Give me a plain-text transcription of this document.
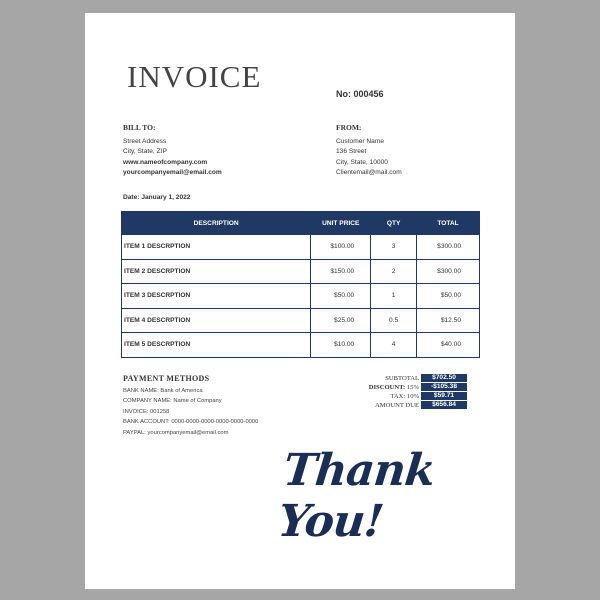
INVOICE	No: 000456
BILL TO:
Street Address
City, State, ZIP
www.nameofcompany.com
yourcompanyemail@email.com
FROM:
Customer Name
136 Street
City, State, 10000
Clientemail@mail.com
Date: January 1, 2022
DESCRIPTION	UNIT PRICE	QTY	TOTAL
ITEM 1 DESCRPTION	$100.00	3	$300.00
ITEM 2 DESCRPTION	$150.00	2	$300.00
ITEM 3 DESCRPTION	$50.00	1	$50.00
ITEM 4 DESCRPTION	$25.00	0.5	$12.50
ITEM 5 DESCRPTION	$10.00	4	$40.00
PAYMENT METHODS
BANK NAME: Bank of America
COMPANY NAME: Name of Company
INVOICE: 001258
BANK ACCOUNT: 0000-0000-0000-0000-0000-0000
PAYPAL: yourcompanyemail@email.com
SUBTOTAL	$702.50
DISCOUNT: 15%	-$105.38
TAX: 10%	$59.71
AMOUNT DUE	$656.84
Thank You!
